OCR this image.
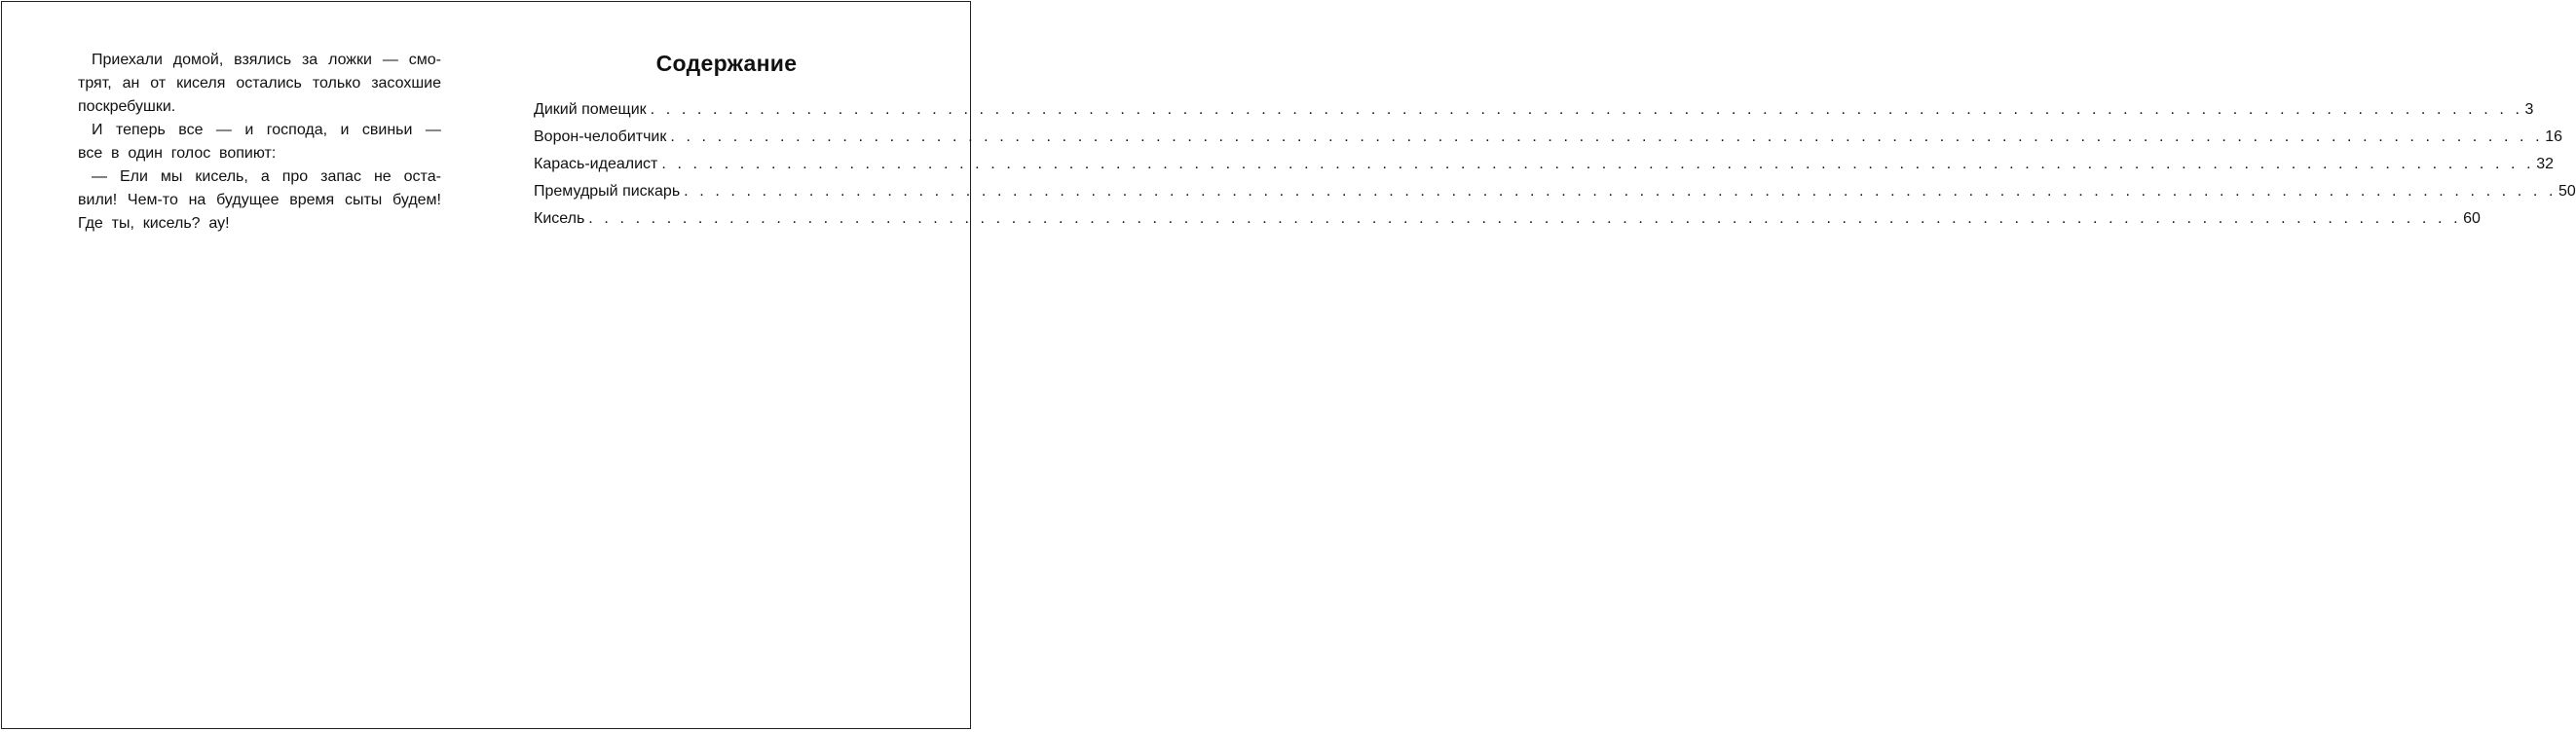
Приехали домой, взялись за ложки — смо-
трят, ан от киселя остались только засохшие
поскребушки.
И теперь все — и господа, и свиньи —
все в один голос вопиют:
— Ели мы кисель, а про запас не оста-
вили! Чем-то на будущее время сыты будем!
Где ты, кисель? ау!
Содержание
Дикий помещик . . . . . . . . . . . . . . . . . . . . . . . . . . . . . . . . . . . . . . . . . . . . . . . . . . . . . . . . . . . . . . . . . . . . . . . . . . . . . . . . . . . . . . . . . . . . . . . . . . . . . . . . . . . . . . . . . . . . . . . . 3
Ворон-челобитчик . . . . . . . . . . . . . . . . . . . . . . . . . . . . . . . . . . . . . . . . . . . . . . . . . . . . . . . . . . . . . . . . . . . . . . . . . . . . . . . . . . . . . . . . . . . . . . . . . . . . . . . . . . . . . . . . . . . . . . . . 16
Карась-идеалист . . . . . . . . . . . . . . . . . . . . . . . . . . . . . . . . . . . . . . . . . . . . . . . . . . . . . . . . . . . . . . . . . . . . . . . . . . . . . . . . . . . . . . . . . . . . . . . . . . . . . . . . . . . . . . . . . . . . . . . . 32
Премудрый пискарь . . . . . . . . . . . . . . . . . . . . . . . . . . . . . . . . . . . . . . . . . . . . . . . . . . . . . . . . . . . . . . . . . . . . . . . . . . . . . . . . . . . . . . . . . . . . . . . . . . . . . . . . . . . . . . . . . . . . . . . . 50
Кисель . . . . . . . . . . . . . . . . . . . . . . . . . . . . . . . . . . . . . . . . . . . . . . . . . . . . . . . . . . . . . . . . . . . . . . . . . . . . . . . . . . . . . . . . . . . . . . . . . . . . . . . . . . . . . . . . . . . . . . . . 60
